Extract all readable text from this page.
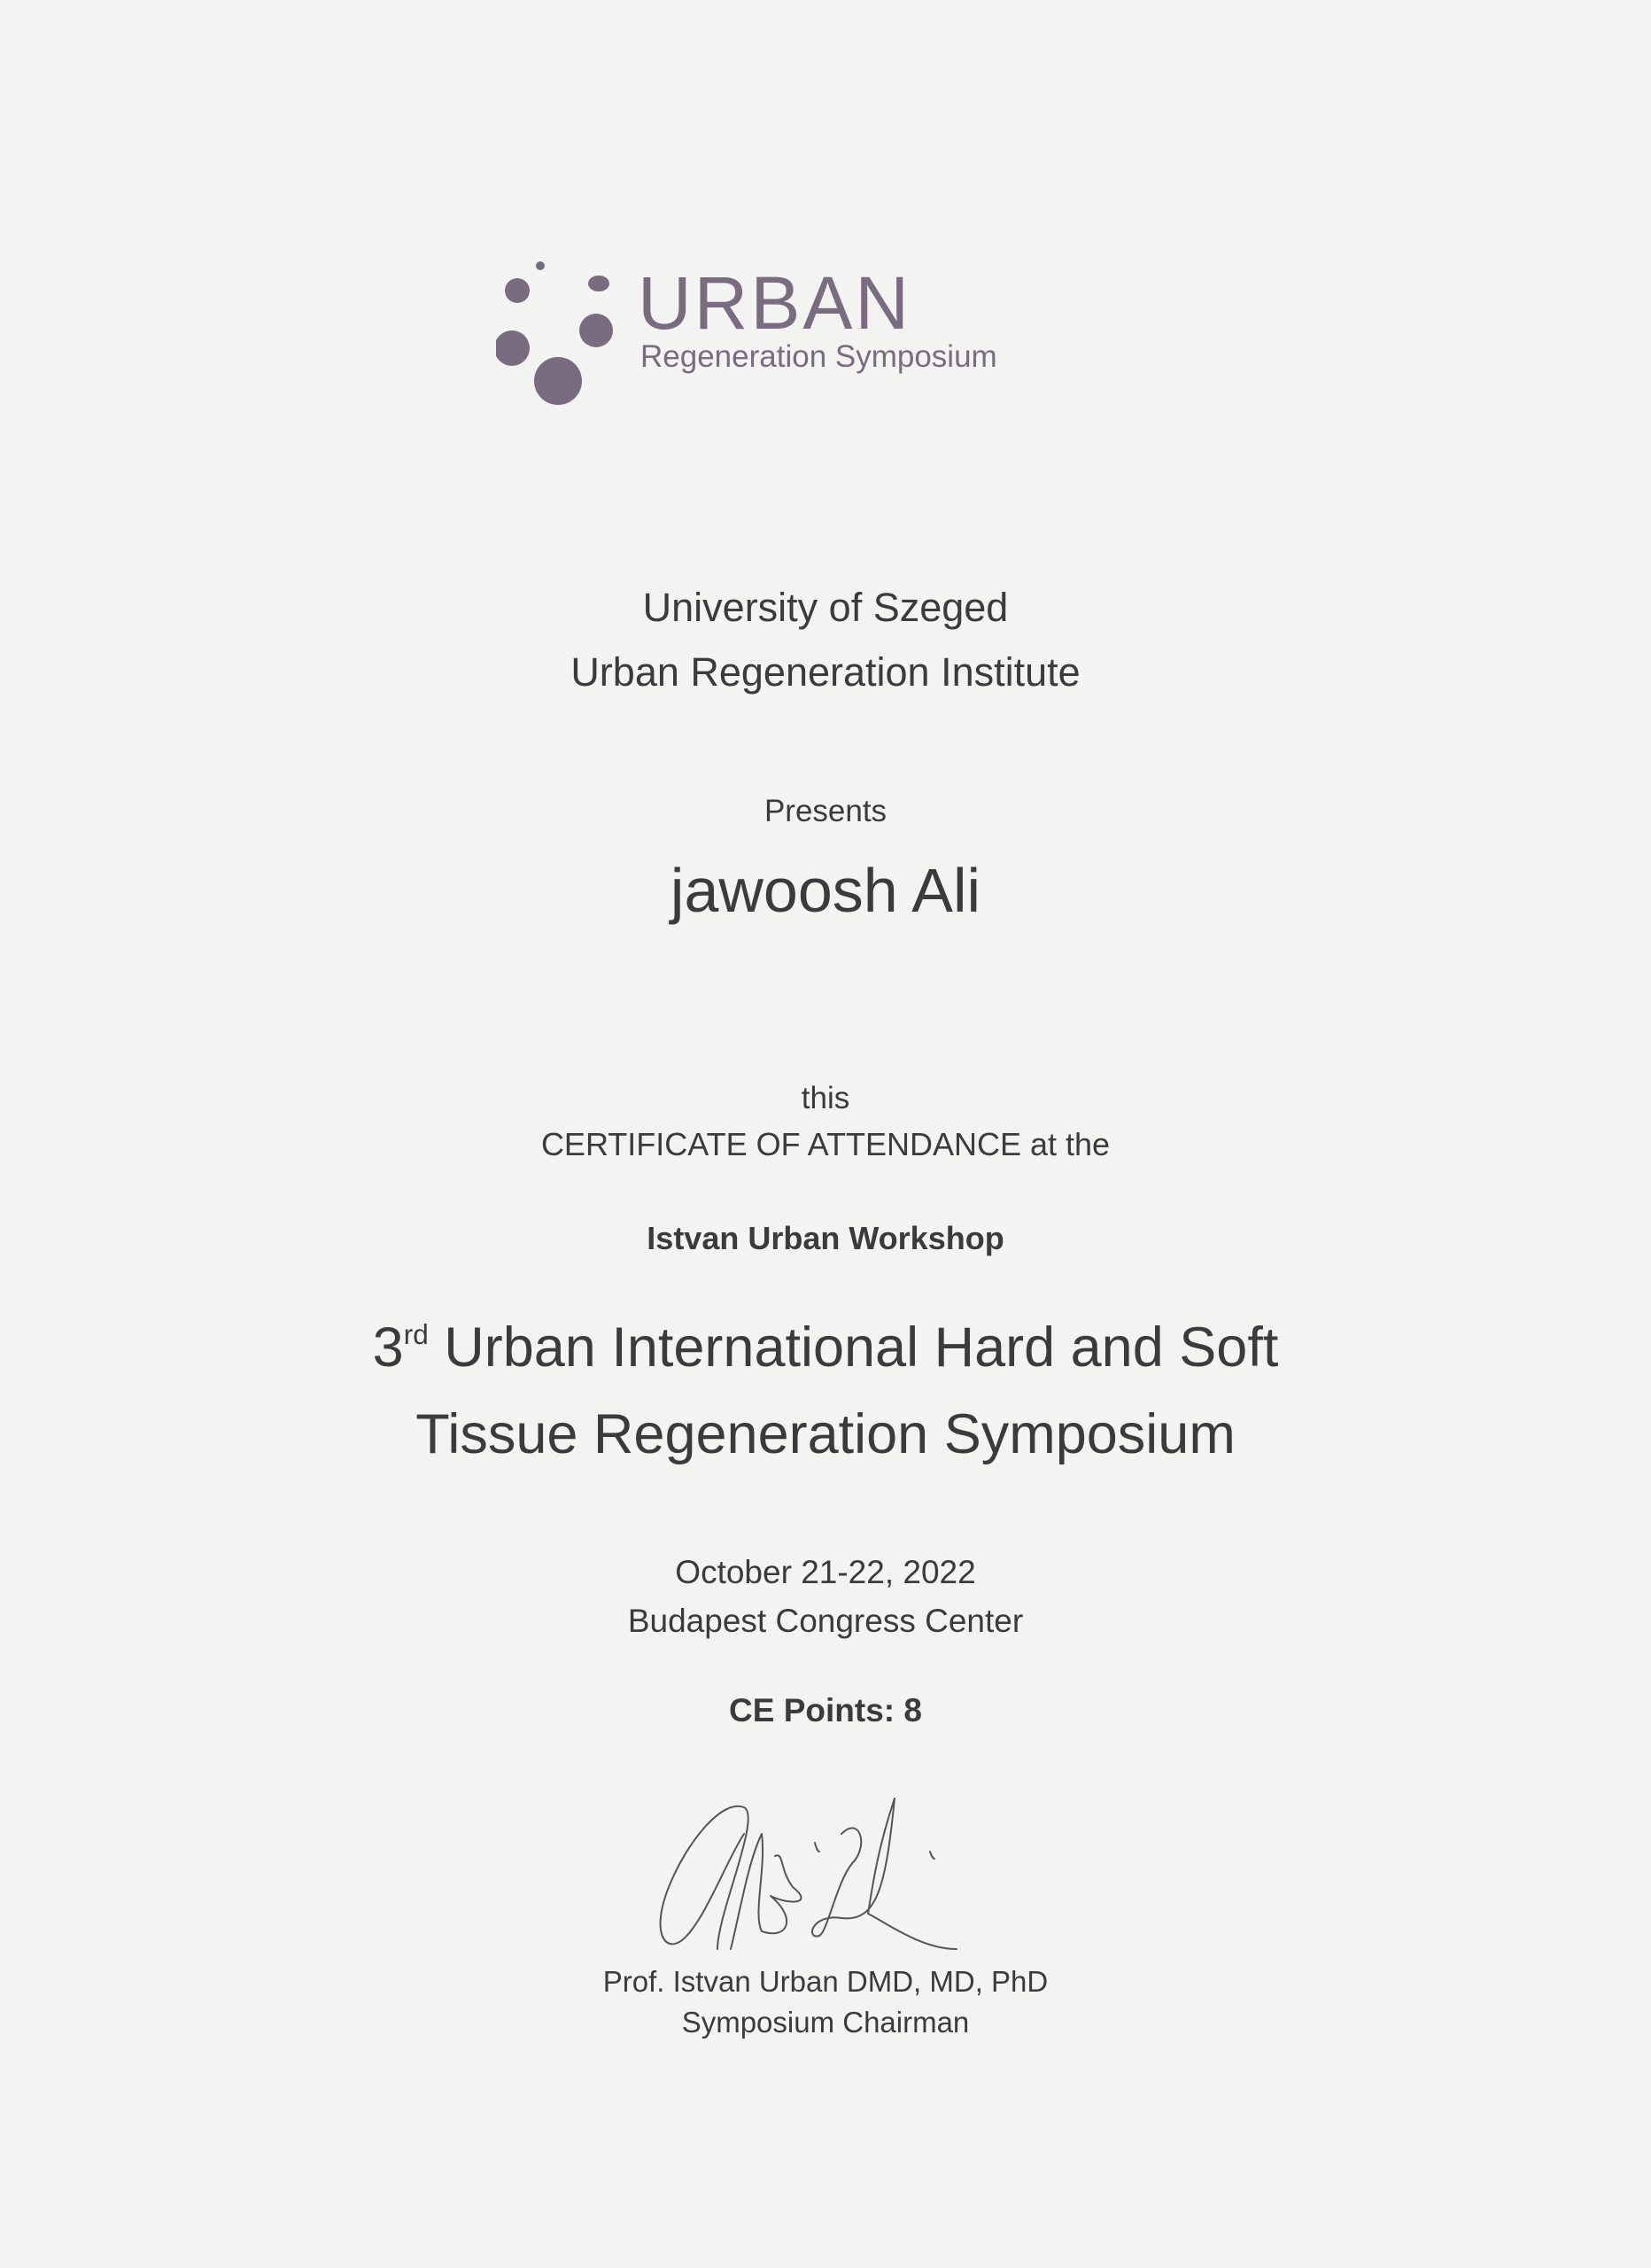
URBAN
Regeneration Symposium
University of Szeged
Urban Regeneration Institute
Presents
jawoosh Ali
this
CERTIFICATE OF ATTENDANCE at the
Istvan Urban Workshop
3rd Urban International Hard and Soft
Tissue Regeneration Symposium
October 21-22, 2022
Budapest Congress Center
CE Points: 8
Prof. Istvan Urban DMD, MD, PhD
Symposium Chairman
